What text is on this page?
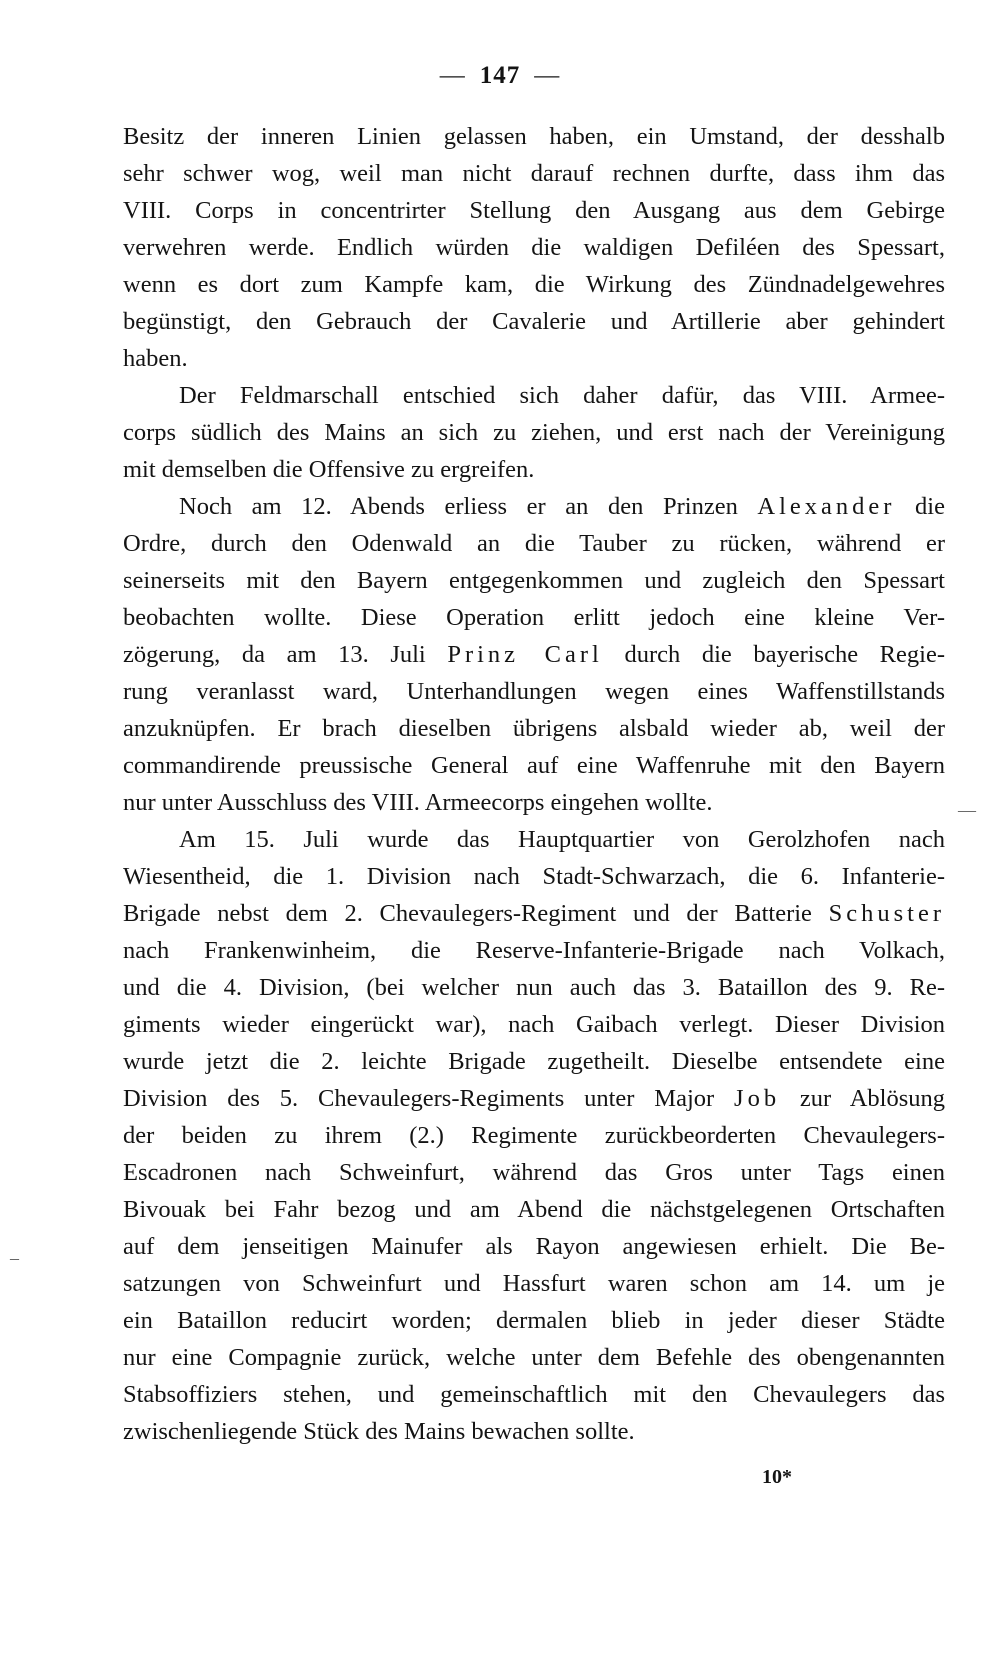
— 147 —
Besitz der inneren Linien gelassen haben, ein Umstand, der desshalb
sehr schwer wog, weil man nicht darauf rechnen durfte, dass ihm das
VIII. Corps in concentrirter Stellung den Ausgang aus dem Gebirge
verwehren werde. Endlich würden die waldigen Defiléen des Spessart,
wenn es dort zum Kampfe kam, die Wirkung des Zündnadelgewehres
begünstigt, den Gebrauch der Cavalerie und Artillerie aber gehindert
haben.
Der Feldmarschall entschied sich daher dafür, das VIII. Armee-
corps südlich des Mains an sich zu ziehen, und erst nach der Vereinigung
mit demselben die Offensive zu ergreifen.
Noch am 12. Abends erliess er an den Prinzen Alexander die
Ordre, durch den Odenwald an die Tauber zu rücken, während er
seinerseits mit den Bayern entgegenkommen und zugleich den Spessart
beobachten wollte. Diese Operation erlitt jedoch eine kleine Ver-
zögerung, da am 13. Juli Prinz Carl durch die bayerische Regie-
rung veranlasst ward, Unterhandlungen wegen eines Waffenstillstands
anzuknüpfen. Er brach dieselben übrigens alsbald wieder ab, weil der
commandirende preussische General auf eine Waffenruhe mit den Bayern
nur unter Ausschluss des VIII. Armeecorps eingehen wollte.
Am 15. Juli wurde das Hauptquartier von Gerolzhofen nach
Wiesentheid, die 1. Division nach Stadt-Schwarzach, die 6. Infanterie-
Brigade nebst dem 2. Chevaulegers-Regiment und der Batterie Schuster
nach Frankenwinheim, die Reserve-Infanterie-Brigade nach Volkach,
und die 4. Division, (bei welcher nun auch das 3. Bataillon des 9. Re-
giments wieder eingerückt war), nach Gaibach verlegt. Dieser Division
wurde jetzt die 2. leichte Brigade zugetheilt. Dieselbe entsendete eine
Division des 5. Chevaulegers-Regiments unter Major Job zur Ablösung
der beiden zu ihrem (2.) Regimente zurückbeorderten Chevaulegers-
Escadronen nach Schweinfurt, während das Gros unter Tags einen
Bivouak bei Fahr bezog und am Abend die nächstgelegenen Ortschaften
auf dem jenseitigen Mainufer als Rayon angewiesen erhielt. Die Be-
satzungen von Schweinfurt und Hassfurt waren schon am 14. um je
ein Bataillon reducirt worden; dermalen blieb in jeder dieser Städte
nur eine Compagnie zurück, welche unter dem Befehle des obengenannten
Stabsoffiziers stehen, und gemeinschaftlich mit den Chevaulegers das
zwischenliegende Stück des Mains bewachen sollte.
10*
—
–
